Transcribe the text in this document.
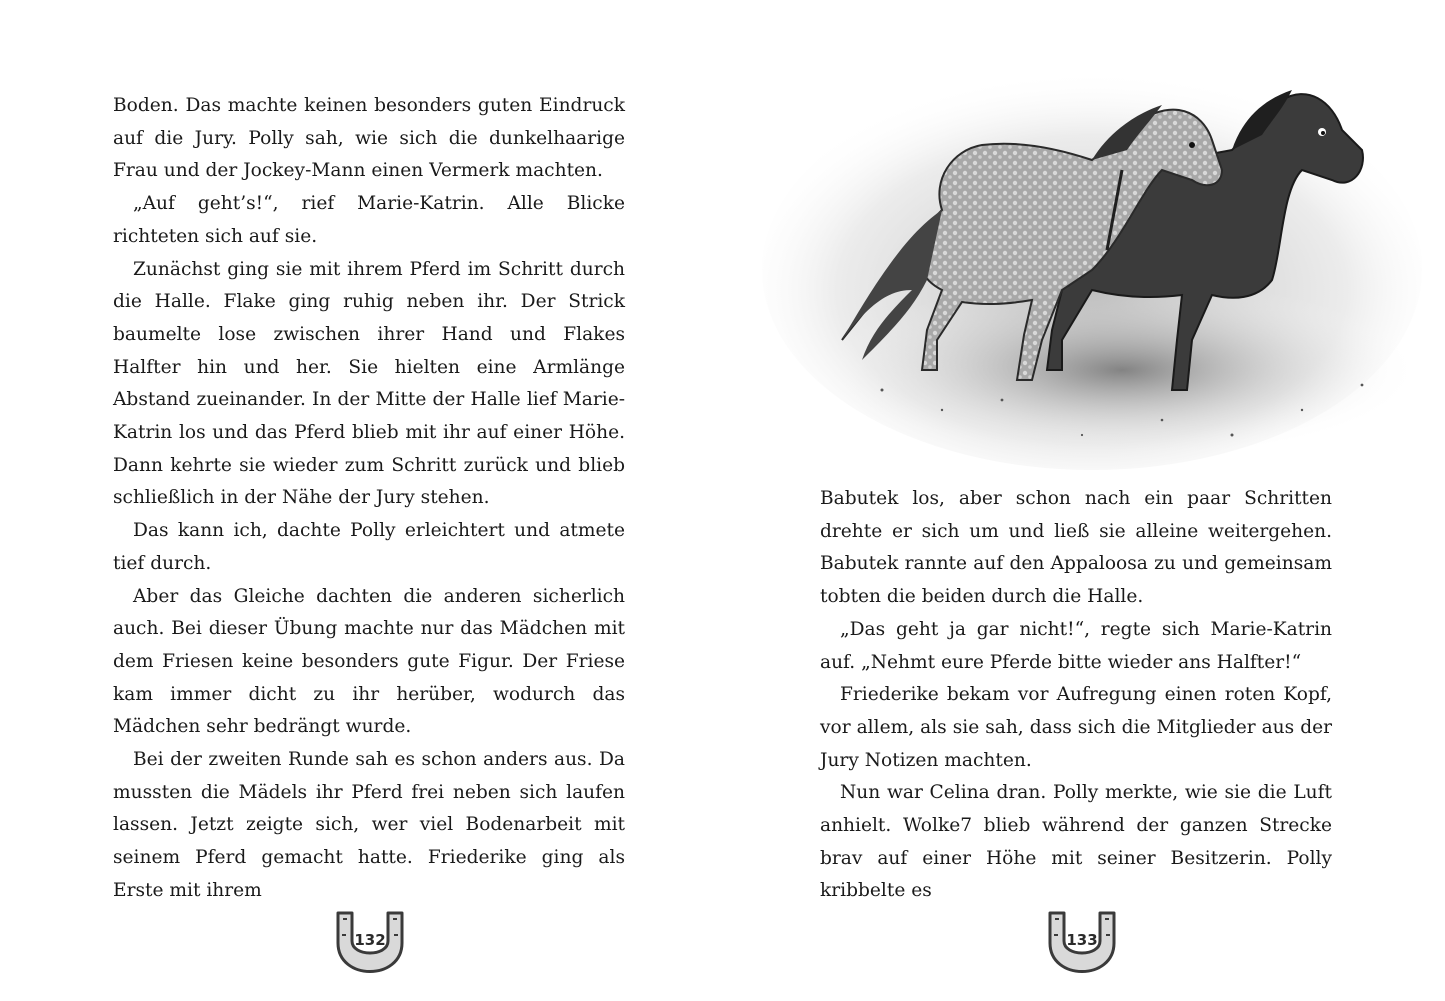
Boden. Das machte keinen besonders guten Eindruck auf die Jury. Polly sah, wie sich die dunkelhaarige Frau und der Jockey-Mann einen Vermerk machten.

„Auf geht’s!“, rief Marie-Katrin. Alle Blicke richteten sich auf sie.

Zunächst ging sie mit ihrem Pferd im Schritt durch die Halle. Flake ging ruhig neben ihr. Der Strick baumelte lose zwischen ihrer Hand und Flakes Halfter hin und her. Sie hielten eine Armlänge Abstand zueinander. In der Mitte der Halle lief Marie-Katrin los und das Pferd blieb mit ihr auf einer Höhe. Dann kehrte sie wieder zum Schritt zurück und blieb schließlich in der Nähe der Jury stehen.

Das kann ich, dachte Polly erleichtert und atmete tief durch.

Aber das Gleiche dachten die anderen sicherlich auch. Bei dieser Übung machte nur das Mädchen mit dem Friesen keine besonders gute Figur. Der Friese kam immer dicht zu ihr herüber, wodurch das Mädchen sehr bedrängt wurde.

Bei der zweiten Runde sah es schon anders aus. Da mussten die Mädels ihr Pferd frei neben sich laufen lassen. Jetzt zeigte sich, wer viel Bodenarbeit mit seinem Pferd gemacht hatte. Friederike ging als Erste mit ihrem

132

Babutek los, aber schon nach ein paar Schritten drehte er sich um und ließ sie alleine weitergehen. Babutek rannte auf den Appaloosa zu und gemeinsam tobten die beiden durch die Halle.

„Das geht ja gar nicht!“, regte sich Marie-Katrin auf. „Nehmt eure Pferde bitte wieder ans Halfter!“

Friederike bekam vor Aufregung einen roten Kopf, vor allem, als sie sah, dass sich die Mitglieder aus der Jury Notizen machten.

Nun war Celina dran. Polly merkte, wie sie die Luft anhielt. Wolke7 blieb während der ganzen Strecke brav auf einer Höhe mit seiner Besitzerin. Polly kribbelte es

133
